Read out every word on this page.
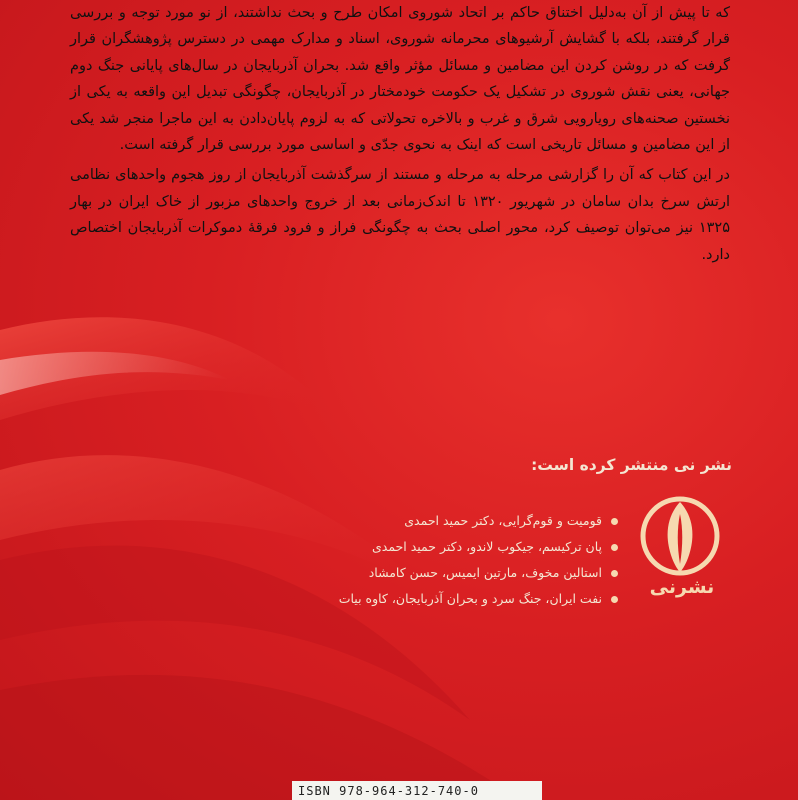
که تا پیش از آن به‌دلیل اختناق حاکم بر اتحاد شوروی امکان طرح و بحث نداشتند، از نو مورد توجه و بررسی قرار گرفتند، بلکه با گشایش آرشیوهای محرمانه شوروی، اسناد و مدارک مهمی در دسترس پژوهشگران قرار گرفت که در روشن کردن این مضامین و مسائل مؤثر واقع شد. بحران آذربایجان در سال‌های پایانی جنگ دوم جهانی، یعنی نقش شوروی در تشکیل یک حکومت خودمختار در آذربایجان، چگونگی تبدیل این واقعه به یکی از نخستین صحنه‌های رویارویی شرق و غرب و بالاخره تحولاتی که به لزوم پایان‌دادن به این ماجرا منجر شد یکی از این مضامین و مسائل تاریخی است که اینک به نحوی جدّی و اساسی مورد بررسی قرار گرفته است.

در این کتاب که آن را گزارشی مرحله به مرحله و مستند از سرگذشت آذربایجان از روز هجوم واحدهای نظامی ارتش سرخ بدان سامان در شهریور ۱۳۲۰ تا اندک‌زمانی بعد از خروج واحدهای مزبور از خاک ایران در بهار ۱۳۲۵ نیز می‌توان توصیف کرد، محور اصلی بحث به چگونگی فراز و فرود فرقهٔ دموکرات آذربایجان اختصاص دارد.

نشر نی منتشر کرده است:
قومیت و قوم‌گرایی، دکتر حمید احمدی
پان ترکیسم، جیکوب لاندو، دکتر حمید احمدی
استالین مخوف، مارتین ایمیس، حسن کامشاد
نفت ایران، جنگ سرد و بحران آذربایجان، کاوه بیات
نشرنی
ISBN 978-964-312-740-0
